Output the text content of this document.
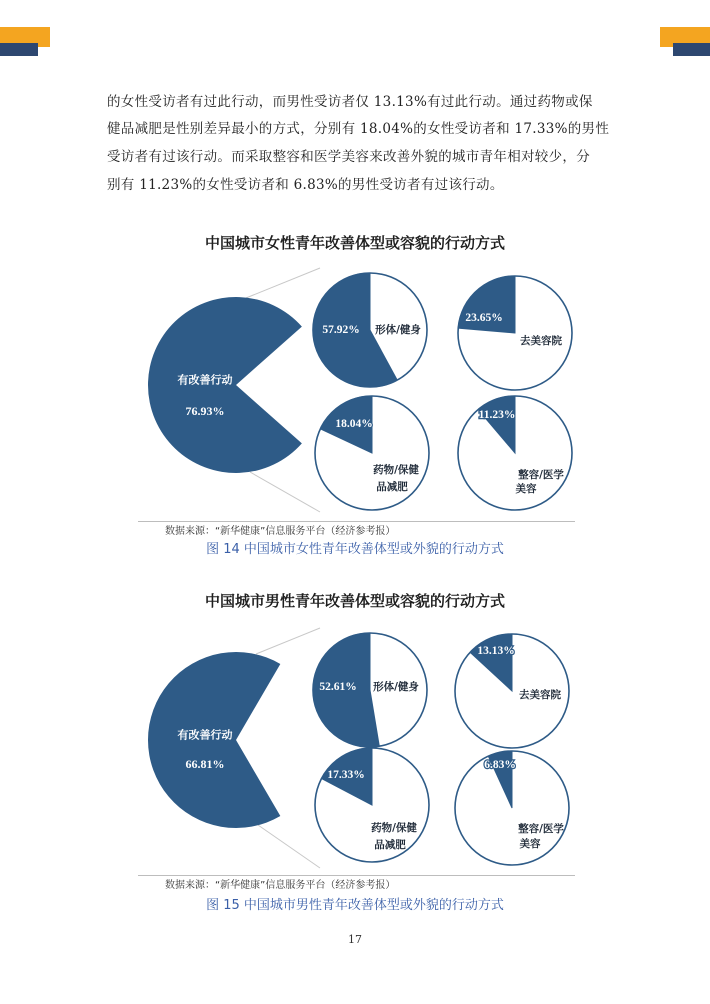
的女性受访者有过此行动，而男性受访者仅 13.13%有过此行动。通过药物或保
健品减肥是性别差异最小的方式，分别有 18.04%的女性受访者和 17.33%的男性
受访者有过该行动。而采取整容和医学美容来改善外貌的城市青年相对较少，分
别有 11.23%的女性受访者和 6.83%的男性受访者有过该行动。
中国城市女性青年改善体型或容貌的行动方式
数据来源：“新华健康”信息服务平台（经济参考报）
图 14 中国城市女性青年改善体型或外貌的行动方式
中国城市男性青年改善体型或容貌的行动方式
数据来源：“新华健康”信息服务平台（经济参考报）
图 15 中国城市男性青年改善体型或外貌的行动方式
17
有改善行动
76.93%
57.92% 形体/健身
23.65%
去美容院
18.04%
药物/保健
品减肥
11.23%
整容/医学
美容
有改善行动
66.81%
52.61% 形体/健身
13.13%
去美容院
17.33%
药物/保健
品减肥
6.83%
整容/医学
美容
